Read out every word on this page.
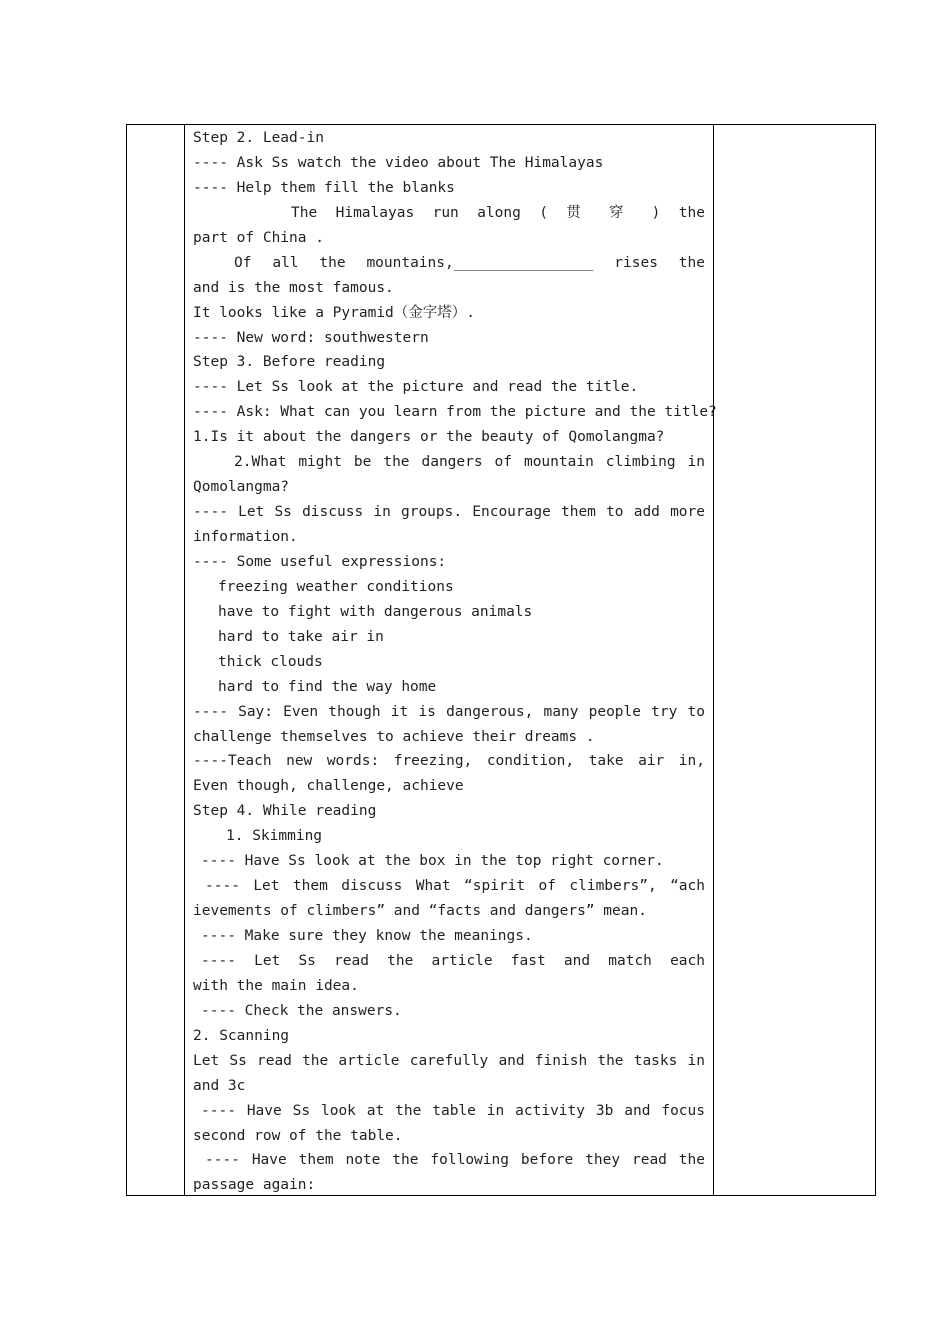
Step 2. Lead-in
---- Ask Ss watch the video about The Himalayas
---- Help them fill the blanks
The Himalayas run along ( 贯 穿 ) the
part of China .
Of all the mountains,________________ rises the
and is the most famous.
It looks like a Pyramid（金字塔）.
---- New word: southwestern
Step 3. Before reading
---- Let Ss look at the picture and read the title.
---- Ask: What can you learn from the picture and the title?
1.Is it about the dangers or the beauty of Qomolangma?
2.What might be the dangers of mountain climbing in
Qomolangma?
---- Let Ss discuss in groups. Encourage them to add more
information.
---- Some useful expressions:
freezing weather conditions
have to fight with dangerous animals
hard to take air in
thick clouds
hard to find the way home
---- Say: Even though it is dangerous, many people try to
challenge themselves to achieve their dreams .
----Teach new words: freezing, condition, take air in,
Even though, challenge, achieve
Step 4. While reading
1. Skimming
---- Have Ss look at the box in the top right corner.
---- Let them discuss What “spirit of climbers”, “ach
ievements of climbers” and “facts and dangers” mean.
---- Make sure they know the meanings.
---- Let Ss read the article fast and match each
with the main idea.
---- Check the answers.
2. Scanning
Let Ss read the article carefully and finish the tasks in
and 3c
---- Have Ss look at the table in activity 3b and focus
second row of the table.
---- Have them note the following before they read the
passage again:
